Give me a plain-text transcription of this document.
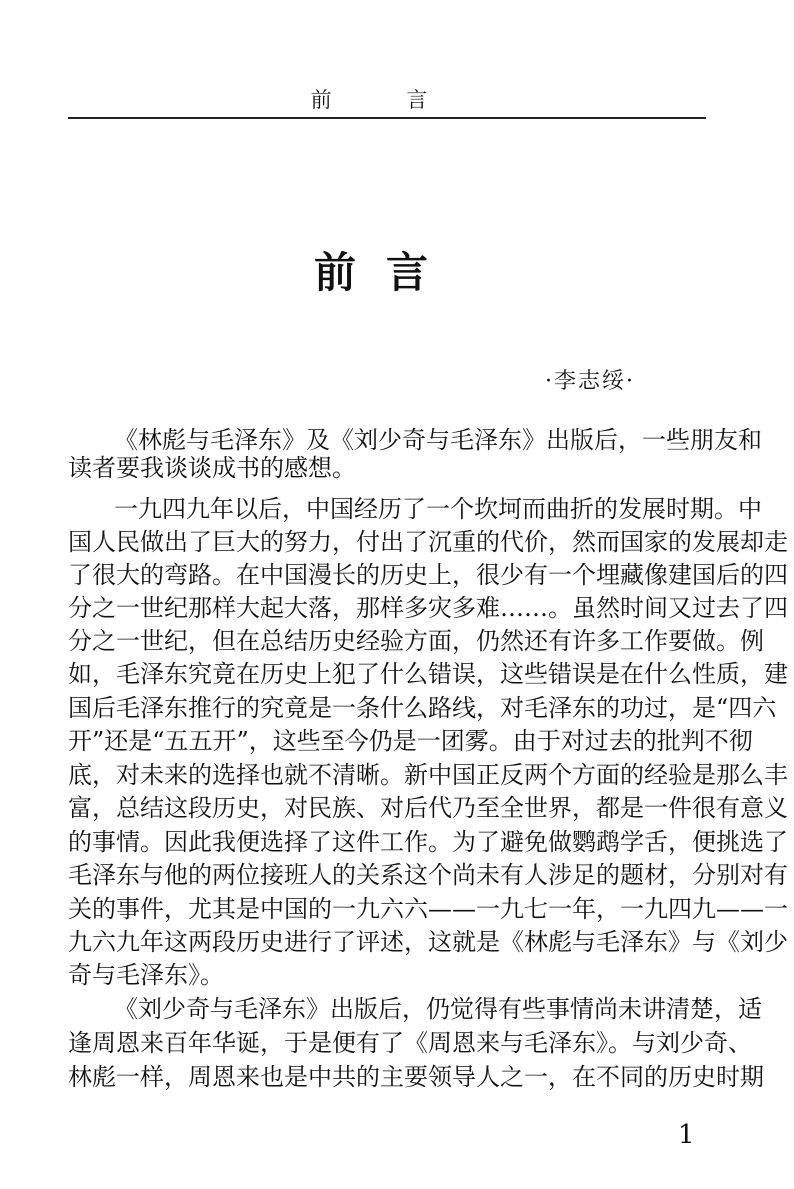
前 言
前言
·李志绥·
《林彪与毛泽东》及《刘少奇与毛泽东》出版后，一些朋友和
读者要我谈谈成书的感想。
一九四九年以后，中国经历了一个坎坷而曲折的发展时期。中
国人民做出了巨大的努力，付出了沉重的代价，然而国家的发展却走
了很大的弯路。在中国漫长的历史上，很少有一个埋藏像建国后的四
分之一世纪那样大起大落，那样多灾多难……。虽然时间又过去了四
分之一世纪，但在总结历史经验方面，仍然还有许多工作要做。例
如，毛泽东究竟在历史上犯了什么错误，这些错误是在什么性质，建
国后毛泽东推行的究竟是一条什么路线，对毛泽东的功过，是“四六
开”还是“五五开”，这些至今仍是一团雾。由于对过去的批判不彻
底，对未来的选择也就不清晰。新中国正反两个方面的经验是那么丰
富，总结这段历史，对民族、对后代乃至全世界，都是一件很有意义
的事情。因此我便选择了这件工作。为了避免做鹦鹉学舌，便挑选了
毛泽东与他的两位接班人的关系这个尚未有人涉足的题材，分别对有
关的事件，尤其是中国的一九六六——一九七一年，一九四九——一
九六九年这两段历史进行了评述，这就是《林彪与毛泽东》与《刘少
奇与毛泽东》。
《刘少奇与毛泽东》出版后，仍觉得有些事情尚未讲清楚，适
逢周恩来百年华诞，于是便有了《周恩来与毛泽东》。与刘少奇、
林彪一样，周恩来也是中共的主要领导人之一，在不同的历史时期
1
